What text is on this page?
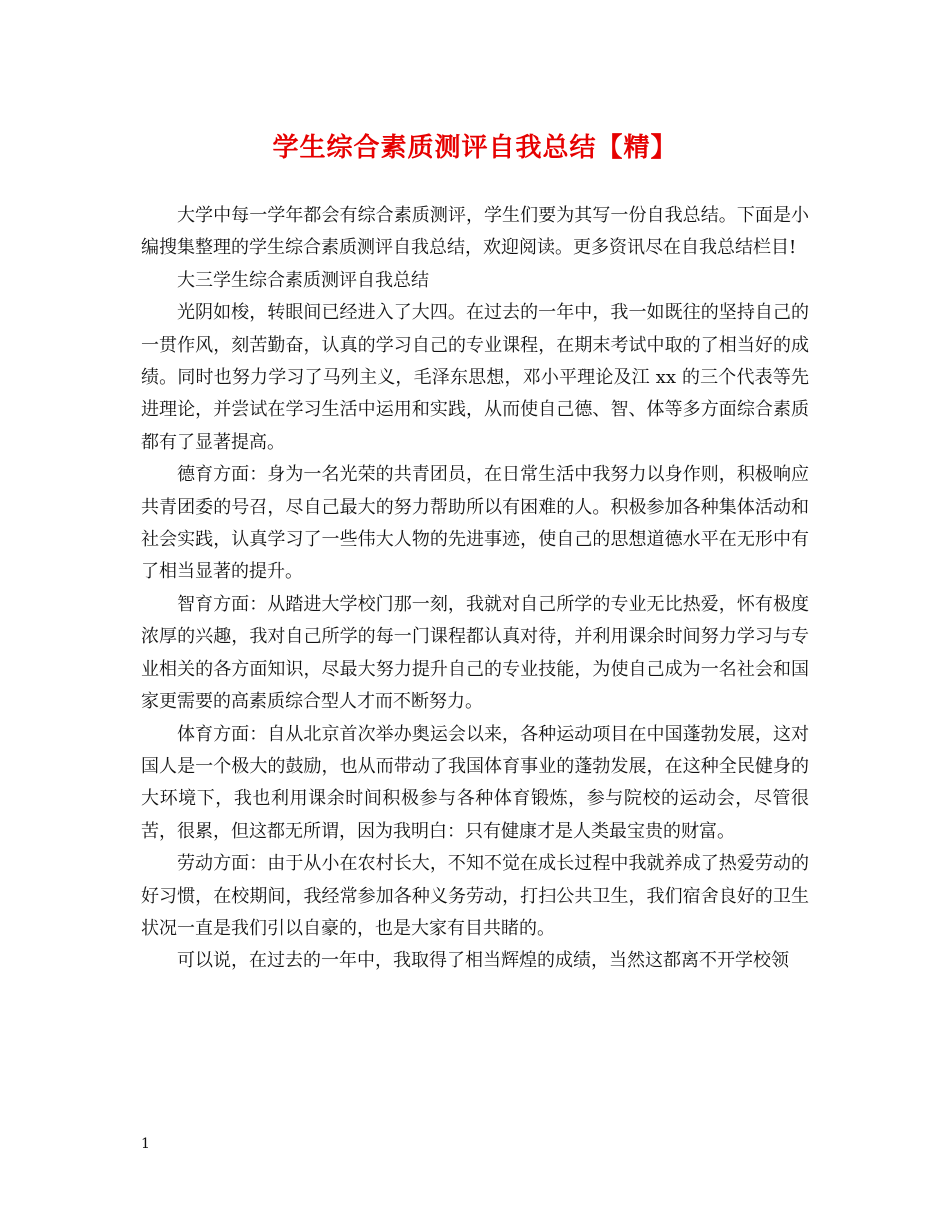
学生综合素质测评自我总结【精】

大学中每一学年都会有综合素质测评，学生们要为其写一份自我总结。下面是小编搜集整理的学生综合素质测评自我总结，欢迎阅读。更多资讯尽在自我总结栏目!

大三学生综合素质测评自我总结

光阴如梭，转眼间已经进入了大四。在过去的一年中，我一如既往的坚持自己的一贯作风，刻苦勤奋，认真的学习自己的专业课程，在期末考试中取的了相当好的成绩。同时也努力学习了马列主义，毛泽东思想，邓小平理论及江 xx 的三个代表等先进理论，并尝试在学习生活中运用和实践，从而使自己德、智、体等多方面综合素质都有了显著提高。

德育方面：身为一名光荣的共青团员，在日常生活中我努力以身作则，积极响应共青团委的号召，尽自己最大的努力帮助所以有困难的人。积极参加各种集体活动和社会实践，认真学习了一些伟大人物的先进事迹，使自己的思想道德水平在无形中有了相当显著的提升。

智育方面：从踏进大学校门那一刻，我就对自己所学的专业无比热爱，怀有极度浓厚的兴趣，我对自己所学的每一门课程都认真对待，并利用课余时间努力学习与专业相关的各方面知识，尽最大努力提升自己的专业技能，为使自己成为一名社会和国家更需要的高素质综合型人才而不断努力。

体育方面：自从北京首次举办奥运会以来，各种运动项目在中国蓬勃发展，这对国人是一个极大的鼓励，也从而带动了我国体育事业的蓬勃发展，在这种全民健身的大环境下，我也利用课余时间积极参与各种体育锻炼，参与院校的运动会，尽管很苦，很累，但这都无所谓，因为我明白：只有健康才是人类最宝贵的财富。

劳动方面：由于从小在农村长大，不知不觉在成长过程中我就养成了热爱劳动的好习惯，在校期间，我经常参加各种义务劳动，打扫公共卫生，我们宿舍良好的卫生状况一直是我们引以自豪的，也是大家有目共睹的。

可以说，在过去的一年中，我取得了相当辉煌的成绩，当然这都离不开学校领

1
